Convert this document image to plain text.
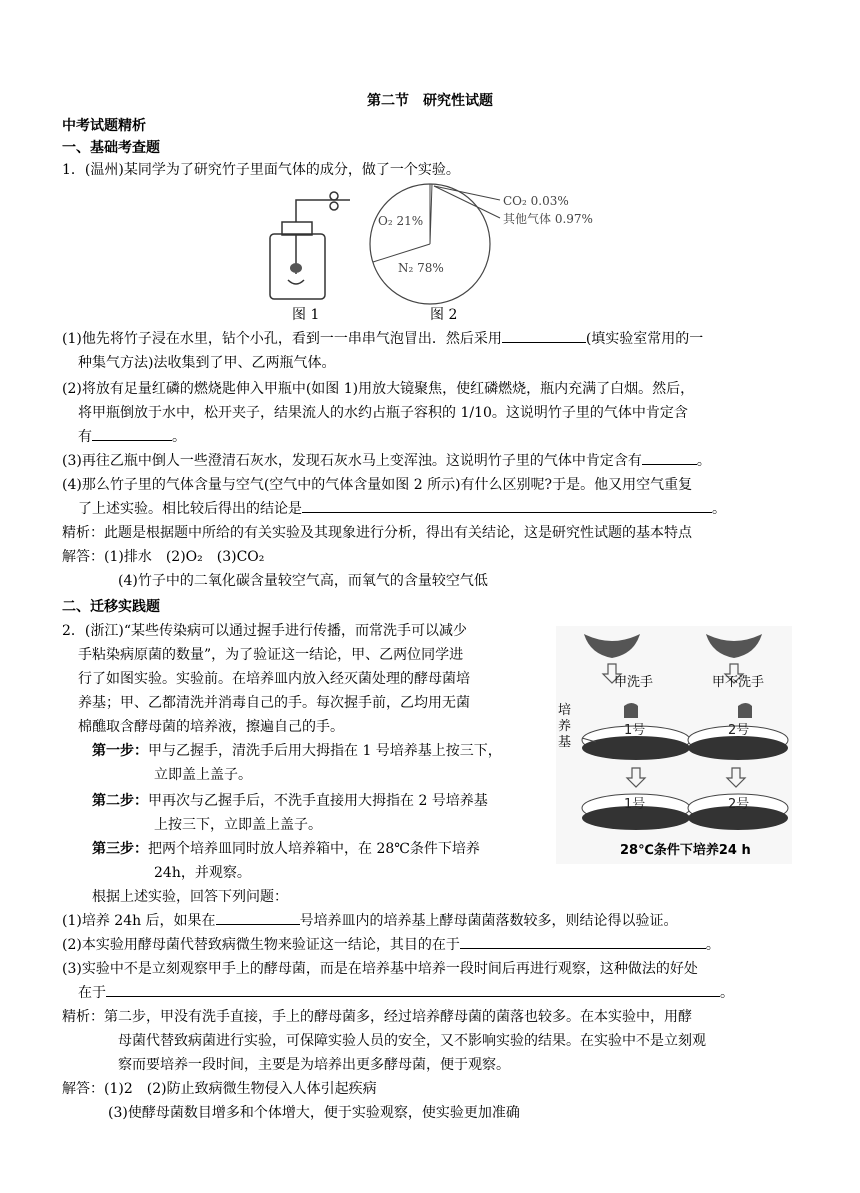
第二节　研究性试题
中考试题精析
一、基础考查题
1．(温州)某同学为了研究竹子里面气体的成分，做了一个实验。
图 1
O₂ 21%
N₂ 78%
CO₂ 0.03%
其他气体 0.97%
图 2
(1)他先将竹子浸在水里，钻个小孔，看到一一串串气泡冒出．然后采用	(填实验室常用的一
种集气方法)法收集到了甲、乙两瓶气体。
(2)将放有足量红磷的燃烧匙伸入甲瓶中(如图 1)用放大镜聚焦，使红磷燃烧，瓶内充满了白烟。然后，
将甲瓶倒放于水中，松开夹子，结果流人的水约占瓶子容积的 1/10。这说明竹子里的气体中肯定含
有	。
(3)再往乙瓶中倒人一些澄清石灰水，发现石灰水马上变浑浊。这说明竹子里的气体中肯定含有	。
(4)那么竹子里的气体含量与空气(空气中的气体含量如图 2 所示)有什么区别呢?于是。他又用空气重复
了上述实验。相比较后得出的结论是	。
精析：此题是根据题中所给的有关实验及其现象进行分析，得出有关结论，这是研究性试题的基本特点
解答：(1)排水　(2)O₂　(3)CO₂
(4)竹子中的二氧化碳含量较空气高，而氧气的含量较空气低
二、迁移实践题
2．(浙江)“某些传染病可以通过握手进行传播，而常洗手可以减少
手粘染病原菌的数量”，为了验证这一结论，甲、乙两位同学进
行了如图实验。实验前。在培养皿内放入经灭菌处理的酵母菌培
养基；甲、乙都清洗并消毒自己的手。每次握手前，乙均用无菌
棉醮取含酵母菌的培养液，擦遍自己的手。
第一步：甲与乙握手，清洗手后用大拇指在 1 号培养基上按三下，
立即盖上盖子。
第二步：甲再次与乙握手后，不洗手直接用大拇指在 2 号培养基
上按三下，立即盖上盖子。
第三步：把两个培养皿同时放人培养箱中，在 28℃条件下培养
24h，并观察。
根据上述实验，回答下列问题：
甲洗手	甲不洗手
培养基
1号	2号
1号	2号
28℃条件下培养24 h
(1)培养 24h 后，如果在	号培养皿内的培养基上酵母菌菌落数较多，则结论得以验证。
(2)本实验用酵母菌代替致病微生物来验证这一结论，其目的在于	。
(3)实验中不是立刻观察甲手上的酵母菌，而是在培养基中培养一段时间后再进行观察，这种做法的好处
在于	。
精析：第二步，甲没有洗手直接，手上的酵母菌多，经过培养酵母菌的菌落也较多。在本实验中，用酵
母菌代替致病菌进行实验，可保障实验人员的安全，又不影响实验的结果。在实验中不是立刻观
察而要培养一段时间，主要是为培养出更多酵母菌，便于观察。
解答：(1)2　(2)防止致病微生物侵入人体引起疾病
(3)使酵母菌数目增多和个体增大，便于实验观察，使实验更加准确
